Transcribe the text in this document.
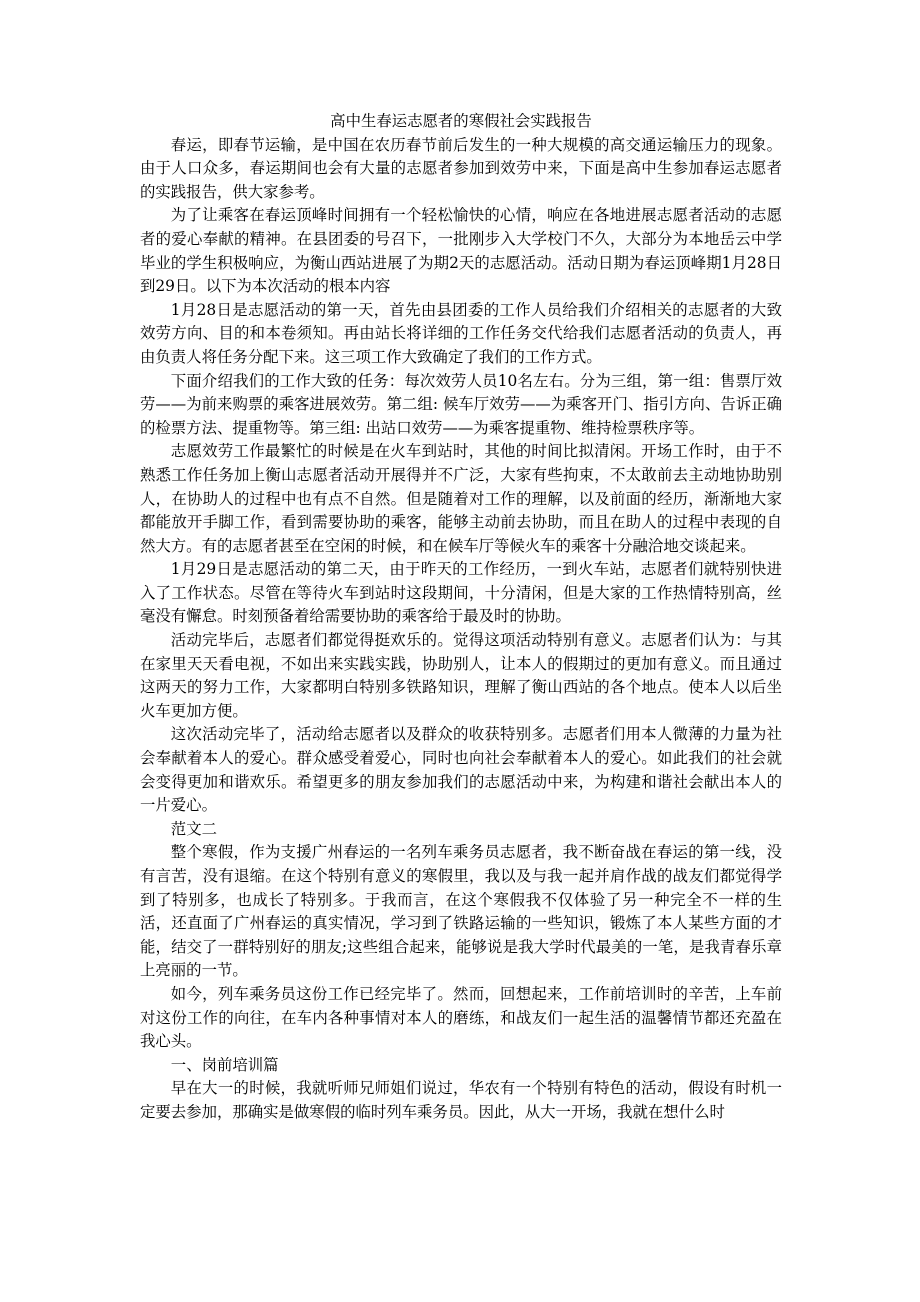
高中生春运志愿者的寒假社会实践报告

春运，即春节运输，是中国在农历春节前后发生的一种大规模的高交通运输压力的现象。由于人口众多，春运期间也会有大量的志愿者参加到效劳中来，下面是高中生参加春运志愿者的实践报告，供大家参考。

为了让乘客在春运顶峰时间拥有一个轻松愉快的心情，响应在各地进展志愿者活动的志愿者的爱心奉献的精神。在县团委的号召下，一批刚步入大学校门不久，大部分为本地岳云中学毕业的学生积极响应，为衡山西站进展了为期2天的志愿活动。活动日期为春运顶峰期1月28日到29日。以下为本次活动的根本内容

1月28日是志愿活动的第一天，首先由县团委的工作人员给我们介绍相关的志愿者的大致效劳方向、目的和本卷须知。再由站长将详细的工作任务交代给我们志愿者活动的负责人，再由负责人将任务分配下来。这三项工作大致确定了我们的工作方式。

下面介绍我们的工作大致的任务：每次效劳人员10名左右。分为三组，第一组：售票厅效劳——为前来购票的乘客进展效劳。第二组: 候车厅效劳——为乘客开门、指引方向、告诉正确的检票方法、提重物等。第三组: 出站口效劳——为乘客提重物、维持检票秩序等。

志愿效劳工作最繁忙的时候是在火车到站时，其他的时间比拟清闲。开场工作时，由于不熟悉工作任务加上衡山志愿者活动开展得并不广泛，大家有些拘束，不太敢前去主动地协助别人，在协助人的过程中也有点不自然。但是随着对工作的理解，以及前面的经历，渐渐地大家都能放开手脚工作，看到需要协助的乘客，能够主动前去协助，而且在助人的过程中表现的自然大方。有的志愿者甚至在空闲的时候，和在候车厅等候火车的乘客十分融洽地交谈起来。

1月29日是志愿活动的第二天，由于昨天的工作经历，一到火车站，志愿者们就特别快进入了工作状态。尽管在等待火车到站时这段期间，十分清闲，但是大家的工作热情特别高，丝毫没有懈怠。时刻预备着给需要协助的乘客给于最及时的协助。

活动完毕后，志愿者们都觉得挺欢乐的。觉得这项活动特别有意义。志愿者们认为：与其在家里天天看电视，不如出来实践实践，协助别人，让本人的假期过的更加有意义。而且通过这两天的努力工作，大家都明白特别多铁路知识，理解了衡山西站的各个地点。使本人以后坐火车更加方便。

这次活动完毕了，活动给志愿者以及群众的收获特别多。志愿者们用本人微薄的力量为社会奉献着本人的爱心。群众感受着爱心，同时也向社会奉献着本人的爱心。如此我们的社会就会变得更加和谐欢乐。希望更多的朋友参加我们的志愿活动中来，为构建和谐社会献出本人的一片爱心。

范文二

整个寒假，作为支援广州春运的一名列车乘务员志愿者，我不断奋战在春运的第一线，没有言苦，没有退缩。在这个特别有意义的寒假里，我以及与我一起并肩作战的战友们都觉得学到了特别多，也成长了特别多。于我而言，在这个寒假我不仅体验了另一种完全不一样的生活，还直面了广州春运的真实情况，学习到了铁路运输的一些知识，锻炼了本人某些方面的才能，结交了一群特别好的朋友;这些组合起来，能够说是我大学时代最美的一笔，是我青春乐章上亮丽的一节。

如今，列车乘务员这份工作已经完毕了。然而，回想起来，工作前培训时的辛苦，上车前对这份工作的向往，在车内各种事情对本人的磨练，和战友们一起生活的温馨情节都还充盈在我心头。

一、岗前培训篇

早在大一的时候，我就听师兄师姐们说过，华农有一个特别有特色的活动，假设有时机一定要去参加，那确实是做寒假的临时列车乘务员。因此，从大一开场，我就在想什么时
